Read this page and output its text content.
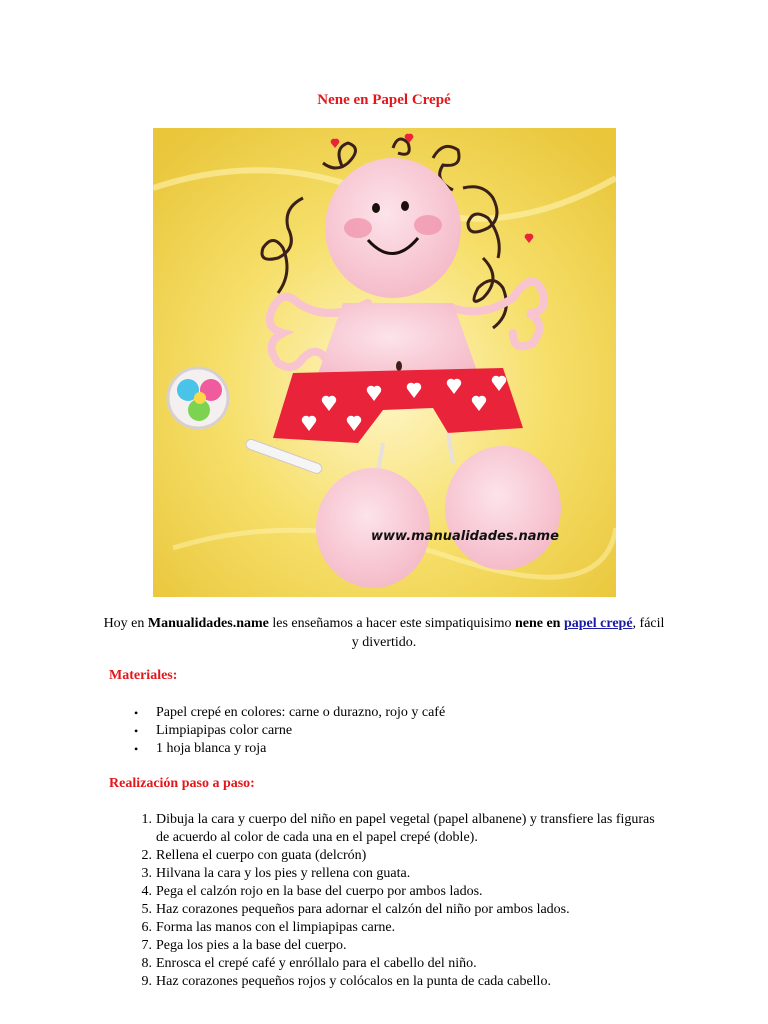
Nene en Papel Crepé
www.manualidades.name
Hoy en Manualidades.name les enseñamos a hacer este simpatiquisimo nene en papel crepé, fácil y divertido.
Materiales:
• Papel crepé en colores: carne o durazno, rojo y café
• Limpiapipas color carne
• 1 hoja blanca y roja
Realización paso a paso:
1. Dibuja la cara y cuerpo del niño en papel vegetal (papel albanene) y transfiere las figuras de acuerdo al color de cada una en el papel crepé (doble).
2. Rellena el cuerpo con guata (delcrón)
3. Hilvana la cara y los pies y rellena con guata.
4. Pega el calzón rojo en la base del cuerpo por ambos lados.
5. Haz corazones pequeños para adornar el calzón del niño por ambos lados.
6. Forma las manos con el limpiapipas carne.
7. Pega los pies a la base del cuerpo.
8. Enrosca el crepé café y enróllalo para el cabello del niño.
9. Haz corazones pequeños rojos y colócalos en la punta de cada cabello.
